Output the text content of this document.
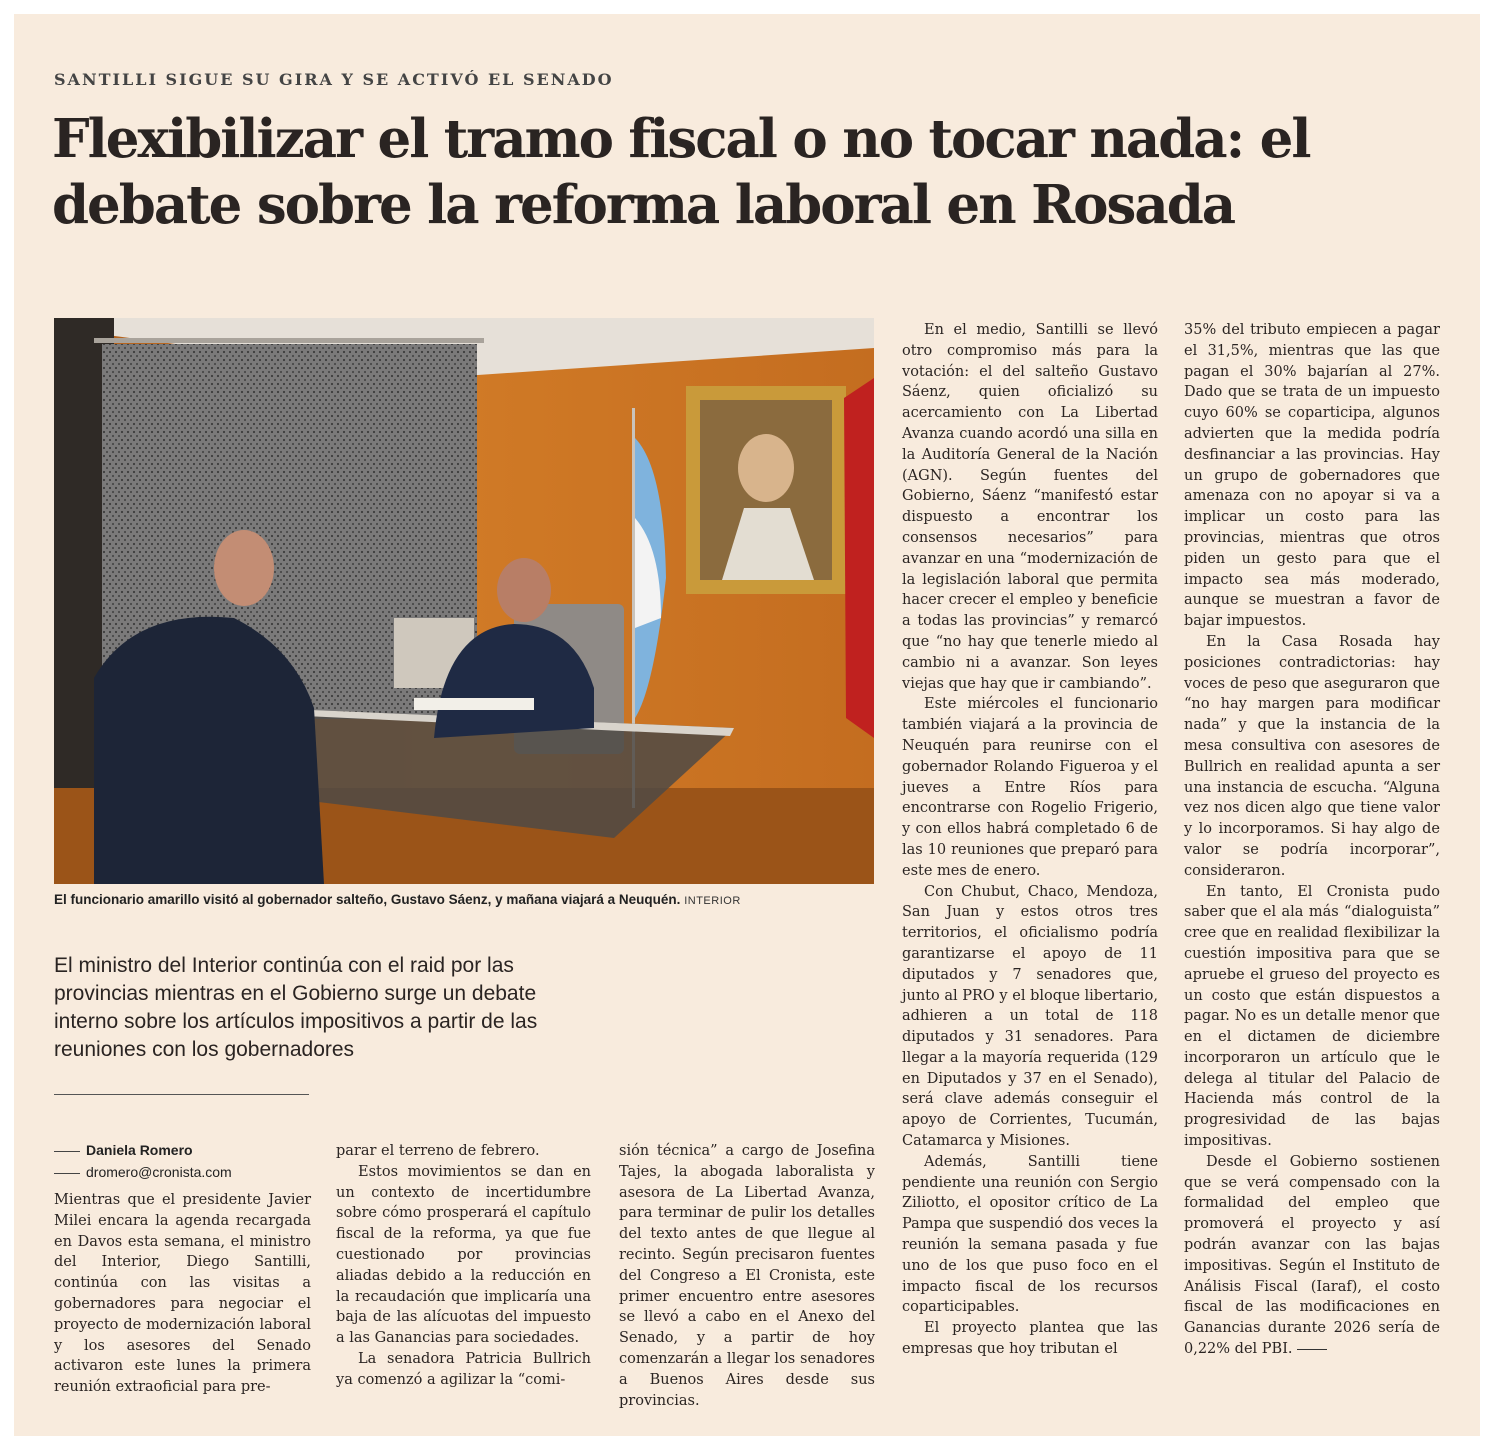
SANTILLI SIGUE SU GIRA Y SE ACTIVÓ EL SENADO
Flexibilizar el tramo fiscal o no tocar nada: el debate sobre la reforma laboral en Rosada
El funcionario amarillo visitó al gobernador salteño, Gustavo Sáenz, y mañana viajará a Neuquén. INTERIOR
El ministro del Interior continúa con el raid por las provincias mientras en el Gobierno surge un debate interno sobre los artículos impositivos a partir de las reuniones con los gobernadores
Daniela Romero
dromero@cronista.com

Mientras que el presidente Javier Milei encara la agenda recargada en Davos esta semana, el ministro del Interior, Diego Santilli, continúa con las visitas a gobernadores para negociar el proyecto de modernización laboral y los asesores del Senado activaron este lunes la primera reunión extraoficial para pre-

parar el terreno de febrero.

Estos movimientos se dan en un contexto de incertidumbre sobre cómo prosperará el capítulo fiscal de la reforma, ya que fue cuestionado por provincias aliadas debido a la reducción en la recaudación que implicaría una baja de las alícuotas del impuesto a las Ganancias para sociedades.

La senadora Patricia Bullrich ya comenzó a agilizar la “comi-

sión técnica” a cargo de Josefina Tajes, la abogada laboralista y asesora de La Libertad Avanza, para terminar de pulir los detalles del texto antes de que llegue al recinto. Según precisaron fuentes del Congreso a El Cronista, este primer encuentro entre asesores se llevó a cabo en el Anexo del Senado, y a partir de hoy comenzarán a llegar los senadores a Buenos Aires desde sus provincias.

En el medio, Santilli se llevó otro compromiso más para la votación: el del salteño Gustavo Sáenz, quien oficializó su acercamiento con La Libertad Avanza cuando acordó una silla en la Auditoría General de la Nación (AGN). Según fuentes del Gobierno, Sáenz “manifestó estar dispuesto a encontrar los consensos necesarios” para avanzar en una “modernización de la legislación laboral que permita hacer crecer el empleo y beneficie a todas las provincias” y remarcó que “no hay que tenerle miedo al cambio ni a avanzar. Son leyes viejas que hay que ir cambiando”.

Este miércoles el funcionario también viajará a la provincia de Neuquén para reunirse con el gobernador Rolando Figueroa y el jueves a Entre Ríos para encontrarse con Rogelio Frigerio, y con ellos habrá completado 6 de las 10 reuniones que preparó para este mes de enero.

Con Chubut, Chaco, Mendoza, San Juan y estos otros tres territorios, el oficialismo podría garantizarse el apoyo de 11 diputados y 7 senadores que, junto al PRO y el bloque libertario, adhieren a un total de 118 diputados y 31 senadores. Para llegar a la mayoría requerida (129 en Diputados y 37 en el Senado), será clave además conseguir el apoyo de Corrientes, Tucumán, Catamarca y Misiones.

Además, Santilli tiene pendiente una reunión con Sergio Ziliotto, el opositor crítico de La Pampa que suspendió dos veces la reunión la semana pasada y fue uno de los que puso foco en el impacto fiscal de los recursos coparticipables.

El proyecto plantea que las empresas que hoy tributan el

35% del tributo empiecen a pagar el 31,5%, mientras que las que pagan el 30% bajarían al 27%. Dado que se trata de un impuesto cuyo 60% se coparticipa, algunos advierten que la medida podría desfinanciar a las provincias. Hay un grupo de gobernadores que amenaza con no apoyar si va a implicar un costo para las provincias, mientras que otros piden un gesto para que el impacto sea más moderado, aunque se muestran a favor de bajar impuestos.

En la Casa Rosada hay posiciones contradictorias: hay voces de peso que aseguraron que “no hay margen para modificar nada” y que la instancia de la mesa consultiva con asesores de Bullrich en realidad apunta a ser una instancia de escucha. “Alguna vez nos dicen algo que tiene valor y lo incorporamos. Si hay algo de valor se podría incorporar”, consideraron.

En tanto, El Cronista pudo saber que el ala más “dialoguista” cree que en realidad flexibilizar la cuestión impositiva para que se apruebe el grueso del proyecto es un costo que están dispuestos a pagar. No es un detalle menor que en el dictamen de diciembre incorporaron un artículo que le delega al titular del Palacio de Hacienda más control de la progresividad de las bajas impositivas.

Desde el Gobierno sostienen que se verá compensado con la formalidad del empleo que promoverá el proyecto y así podrán avanzar con las bajas impositivas. Según el Instituto de Análisis Fiscal (Iaraf), el costo fiscal de las modificaciones en Ganancias durante 2026 sería de 0,22% del PBI.
